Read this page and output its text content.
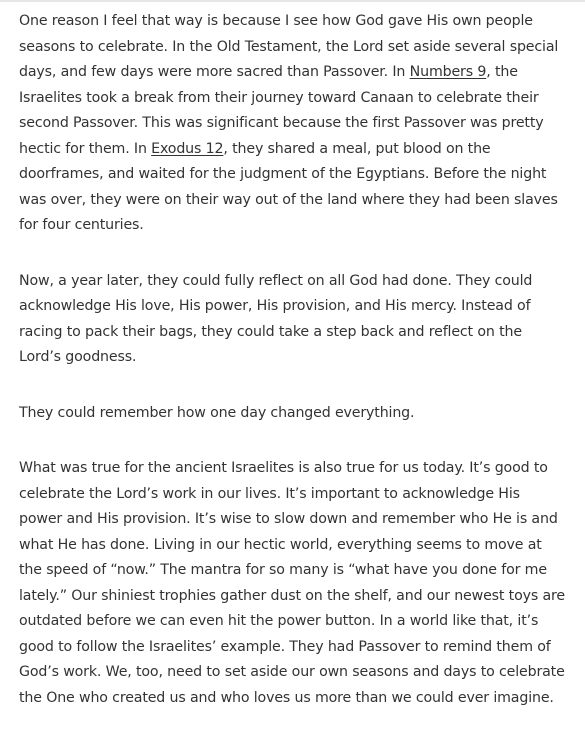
One reason I feel that way is because I see how God gave His own people seasons to celebrate. In the Old Testament, the Lord set aside several special days, and few days were more sacred than Passover. In Numbers 9, the Israelites took a break from their journey toward Canaan to celebrate their second Passover. This was significant because the first Passover was pretty hectic for them. In Exodus 12, they shared a meal, put blood on the doorframes, and waited for the judgment of the Egyptians. Before the night was over, they were on their way out of the land where they had been slaves for four centuries.

Now, a year later, they could fully reflect on all God had done. They could acknowledge His love, His power, His provision, and His mercy. Instead of racing to pack their bags, they could take a step back and reflect on the Lord’s goodness.

They could remember how one day changed everything.

What was true for the ancient Israelites is also true for us today. It’s good to celebrate the Lord’s work in our lives. It’s important to acknowledge His power and His provision. It’s wise to slow down and remember who He is and what He has done. Living in our hectic world, everything seems to move at the speed of “now.” The mantra for so many is “what have you done for me lately.” Our shiniest trophies gather dust on the shelf, and our newest toys are outdated before we can even hit the power button. In a world like that, it’s good to follow the Israelites’ example. They had Passover to remind them of God’s work. We, too, need to set aside our own seasons and days to celebrate the One who created us and who loves us more than we could ever imagine.
